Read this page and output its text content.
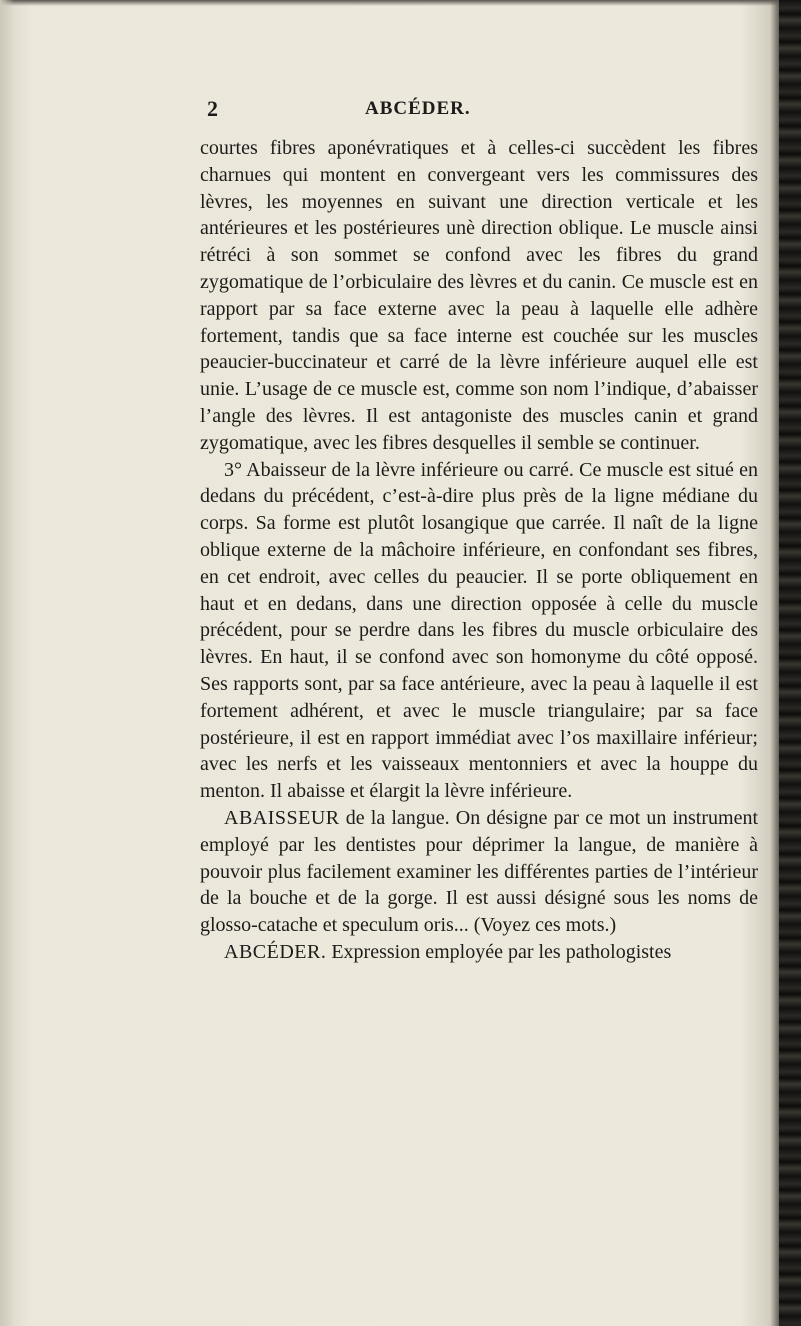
2	ABCÉDER.

courtes fibres aponévratiques et à celles-ci succèdent les fibres charnues qui montent en convergeant vers les commissures des lèvres, les moyennes en suivant une direction verticale et les antérieures et les postérieures unè direction oblique. Le muscle ainsi rétréci à son sommet se confond avec les fibres du grand zygomatique de l’orbiculaire des lèvres et du canin. Ce muscle est en rapport par sa face externe avec la peau à laquelle elle adhère fortement, tandis que sa face interne est couchée sur les muscles peaucier-buccinateur et carré de la lèvre inférieure auquel elle est unie. L’usage de ce muscle est, comme son nom l’indique, d’abaisser l’angle des lèvres. Il est antagoniste des muscles canin et grand zygomatique, avec les fibres desquelles il semble se continuer.

3° Abaisseur de la lèvre inférieure ou carré. Ce muscle est situé en dedans du précédent, c’est-à-dire plus près de la ligne médiane du corps. Sa forme est plutôt losangique que carrée. Il naît de la ligne oblique externe de la mâchoire inférieure, en confondant ses fibres, en cet endroit, avec celles du peaucier. Il se porte obliquement en haut et en dedans, dans une direction opposée à celle du muscle précédent, pour se perdre dans les fibres du muscle orbiculaire des lèvres. En haut, il se confond avec son homonyme du côté opposé. Ses rapports sont, par sa face antérieure, avec la peau à laquelle il est fortement adhérent, et avec le muscle triangulaire; par sa face postérieure, il est en rapport immédiat avec l’os maxillaire inférieur; avec les nerfs et les vaisseaux mentonniers et avec la houppe du menton. Il abaisse et élargit la lèvre inférieure.

ABAISSEUR de la langue. On désigne par ce mot un instrument employé par les dentistes pour déprimer la langue, de manière à pouvoir plus facilement examiner les différentes parties de l’intérieur de la bouche et de la gorge. Il est aussi désigné sous les noms de glosso-catache et speculum oris... (Voyez ces mots.)

ABCÉDER. Expression employée par les pathologistes
